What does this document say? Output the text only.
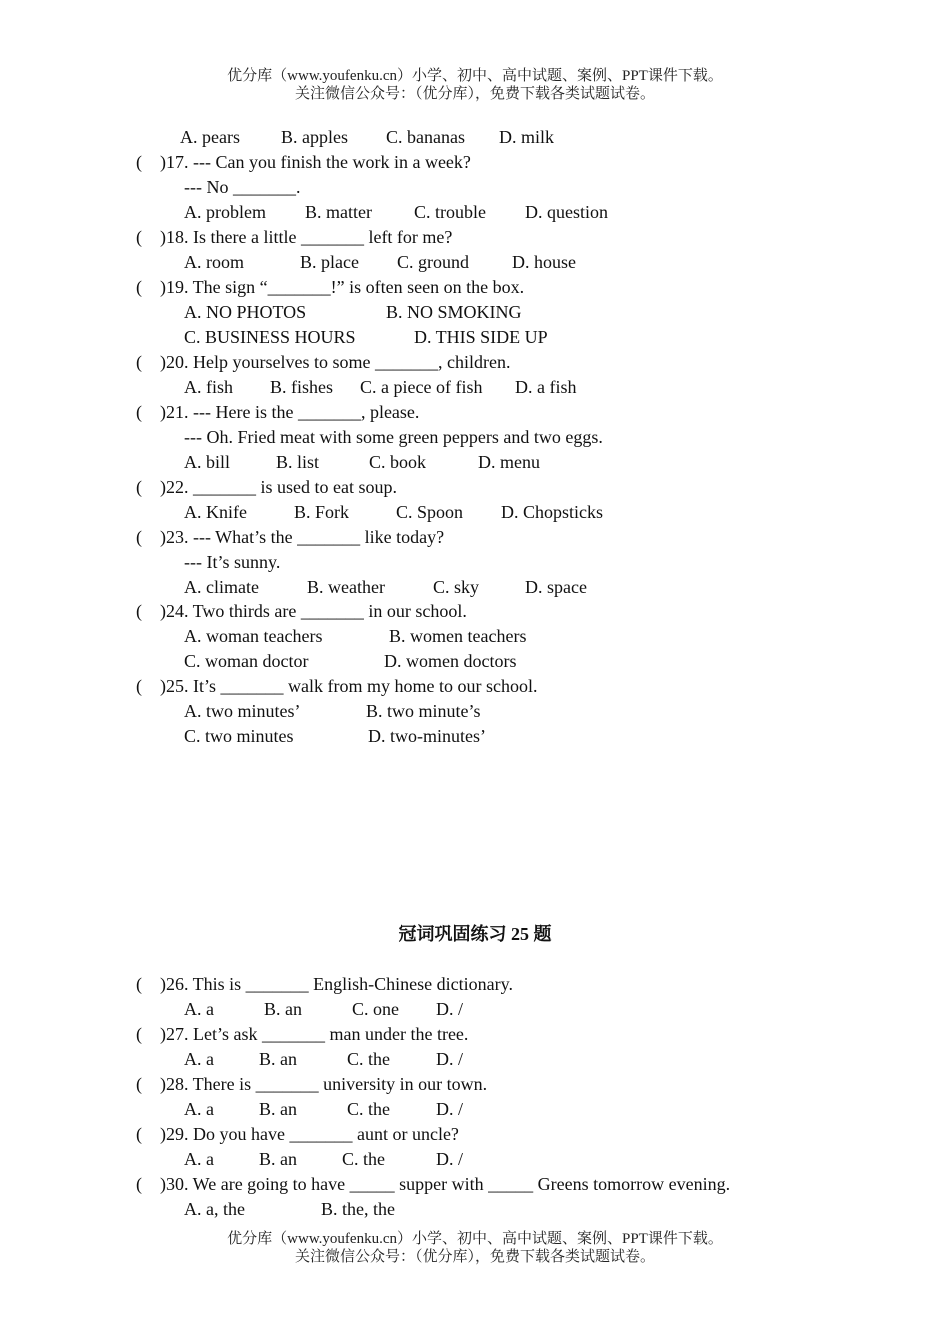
优分库（www.youfenku.cn）小学、初中、高中试题、案例、PPT课件下载。
关注微信公众号：（优分库），免费下载各类试题试卷。
A. pears B. apples C. bananas D. milk
( )17. --- Can you finish the work in a week?
--- No _______.
A. problem B. matter C. trouble D. question
( )18. Is there a little _______ left for me?
A. room	B. place C. ground D. house
( )19. The sign “_______!” is often seen on the box.
A. NO PHOTOS	B. NO SMOKING
C. BUSINESS HOURS	D. THIS SIDE UP
( )20. Help yourselves to some _______, children.
A. fish B. fishes C. a piece of fish D. a fish
( )21. --- Here is the _______, please.
--- Oh. Fried meat with some green peppers and two eggs.
A. bill	B. list	C. book	D. menu
( )22. _______ is used to eat soup.
A. Knife	B. Fork	C. Spoon D. Chopsticks
( )23. --- What’s the _______ like today?
--- It’s sunny.
A. climate	B. weather	C. sky	D. space
( )24. Two thirds are _______ in our school.
A. woman teachers	B. women teachers
C. woman doctor	D. women doctors
( )25. It’s _______ walk from my home to our school.
A. two minutes’	B. two minute’s
C. two minutes	D. two-minutes’
冠词巩固练习 25 题
( )26. This is _______ English-Chinese dictionary.
A. a	B. an	C. one D. /
( )27. Let’s ask _______ man under the tree.
A. a	B. an	C. the	D. /
( )28. There is _______ university in our town.
A. a	B. an	C. the	D. /
( )29. Do you have _______ aunt or uncle?
A. a	B. an	C. the	D. /
( )30. We are going to have _____ supper with _____ Greens tomorrow evening.
A. a, the	B. the, the
优分库（www.youfenku.cn）小学、初中、高中试题、案例、PPT课件下载。
关注微信公众号：（优分库），免费下载各类试题试卷。
